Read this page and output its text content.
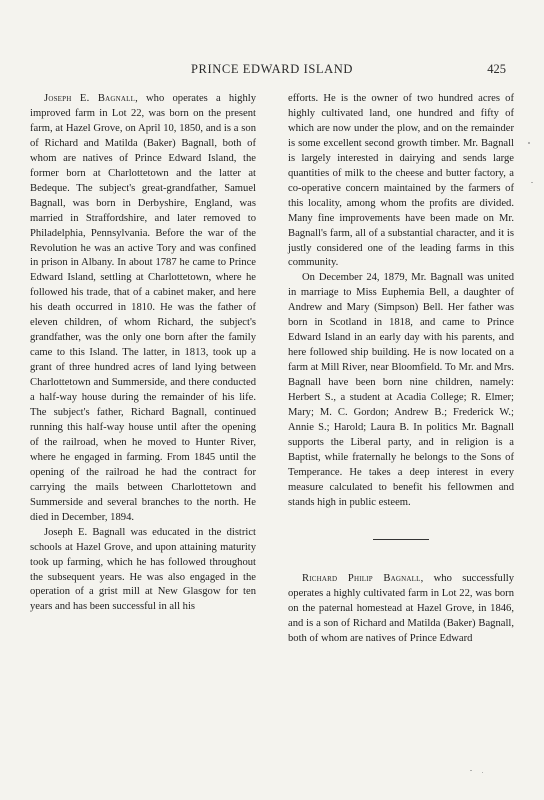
PRINCE EDWARD ISLAND	425

Joseph E. Bagnall, who operates a highly improved farm in Lot 22, was born on the present farm, at Hazel Grove, on April 10, 1850, and is a son of Richard and Matilda (Baker) Bagnall, both of whom are natives of Prince Edward Island, the former born at Charlottetown and the latter at Bedeque. The subject's great-grandfather, Samuel Bagnall, was born in Derbyshire, England, was married in Straffordshire, and later removed to Philadelphia, Pennsylvania. Before the war of the Revolution he was an active Tory and was confined in prison in Albany. In about 1787 he came to Prince Edward Island, settling at Charlottetown, where he followed his trade, that of a cabinet maker, and here his death occurred in 1810. He was the father of eleven children, of whom Richard, the subject's grandfather, was the only one born after the family came to this Island. The latter, in 1813, took up a grant of three hundred acres of land lying between Charlottetown and Summerside, and there conducted a half-way house during the remainder of his life. The subject's father, Richard Bagnall, continued running this half-way house until after the opening of the railroad, when he moved to Hunter River, where he engaged in farming. From 1845 until the opening of the railroad he had the contract for carrying the mails between Charlottetown and Summerside and several branches to the north. He died in December, 1894.

Joseph E. Bagnall was educated in the district schools at Hazel Grove, and upon attaining maturity took up farming, which he has followed throughout the subsequent years. He was also engaged in the operation of a grist mill at New Glasgow for ten years and has been successful in all his

efforts. He is the owner of two hundred acres of highly cultivated land, one hundred and fifty of which are now under the plow, and on the remainder is some excellent second growth timber. Mr. Bagnall is largely interested in dairying and sends large quantities of milk to the cheese and butter factory, a co-operative concern maintained by the farmers of this locality, among whom the profits are divided. Many fine improvements have been made on Mr. Bagnall's farm, all of a substantial character, and it is justly considered one of the leading farms in this community.

On December 24, 1879, Mr. Bagnall was united in marriage to Miss Euphemia Bell, a daughter of Andrew and Mary (Simpson) Bell. Her father was born in Scotland in 1818, and came to Prince Edward Island in an early day with his parents, and here followed ship building. He is now located on a farm at Mill River, near Bloomfield. To Mr. and Mrs. Bagnall have been born nine children, namely: Herbert S., a student at Acadia College; R. Elmer; Mary; M. C. Gordon; Andrew B.; Frederick W.; Annie S.; Harold; Laura B. In politics Mr. Bagnall supports the Liberal party, and in religion is a Baptist, while fraternally he belongs to the Sons of Temperance. He takes a deep interest in every measure calculated to benefit his fellowmen and stands high in public esteem.

Richard Philip Bagnall, who successfully operates a highly cultivated farm in Lot 22, was born on the paternal homestead at Hazel Grove, in 1846, and is a son of Richard and Matilda (Baker) Bagnall, both of whom are natives of Prince Edward
